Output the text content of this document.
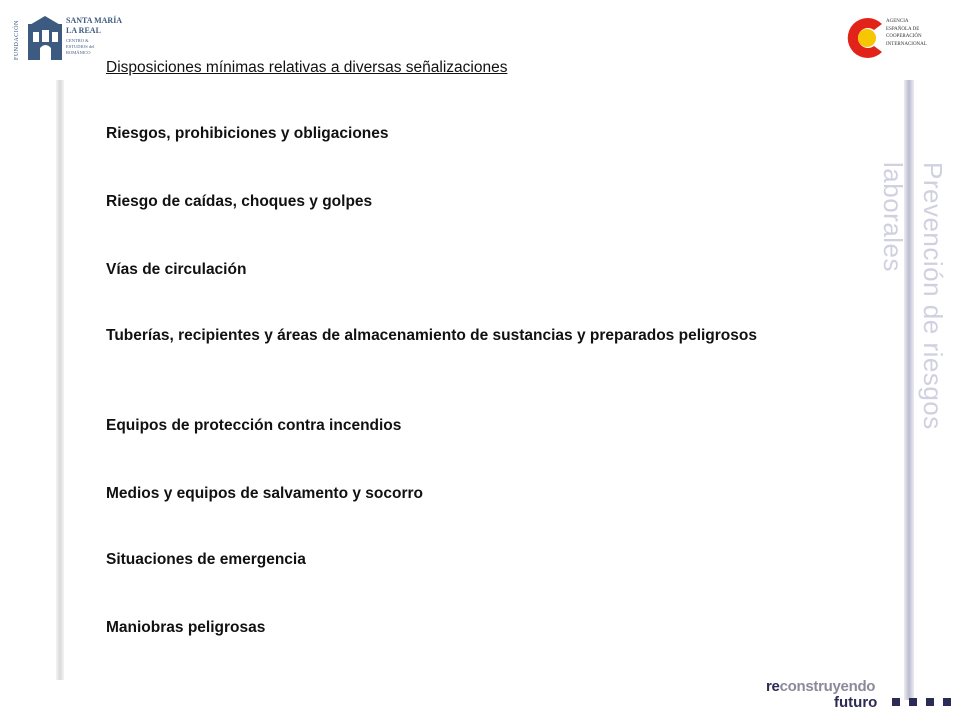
FUNDACIÓN	SANTA MARÍA
LA REAL
CENTRO &
ESTUDIOS del
ROMÁNICO
AGENCIA
ESPAÑOLA DE
COOPERACIÓN
INTERNACIONAL
Disposiciones mínimas relativas a diversas señalizaciones
Riesgos, prohibiciones y obligaciones
Riesgo de caídas, choques y golpes
Vías de circulación
Tuberías, recipientes y áreas de almacenamiento de sustancias y preparados peligrosos
Equipos de protección contra incendios
Medios y equipos de salvamento y socorro
Situaciones de emergencia
Maniobras peligrosas
Prevención de riesgos laborales
reconstruyendo
futuro
